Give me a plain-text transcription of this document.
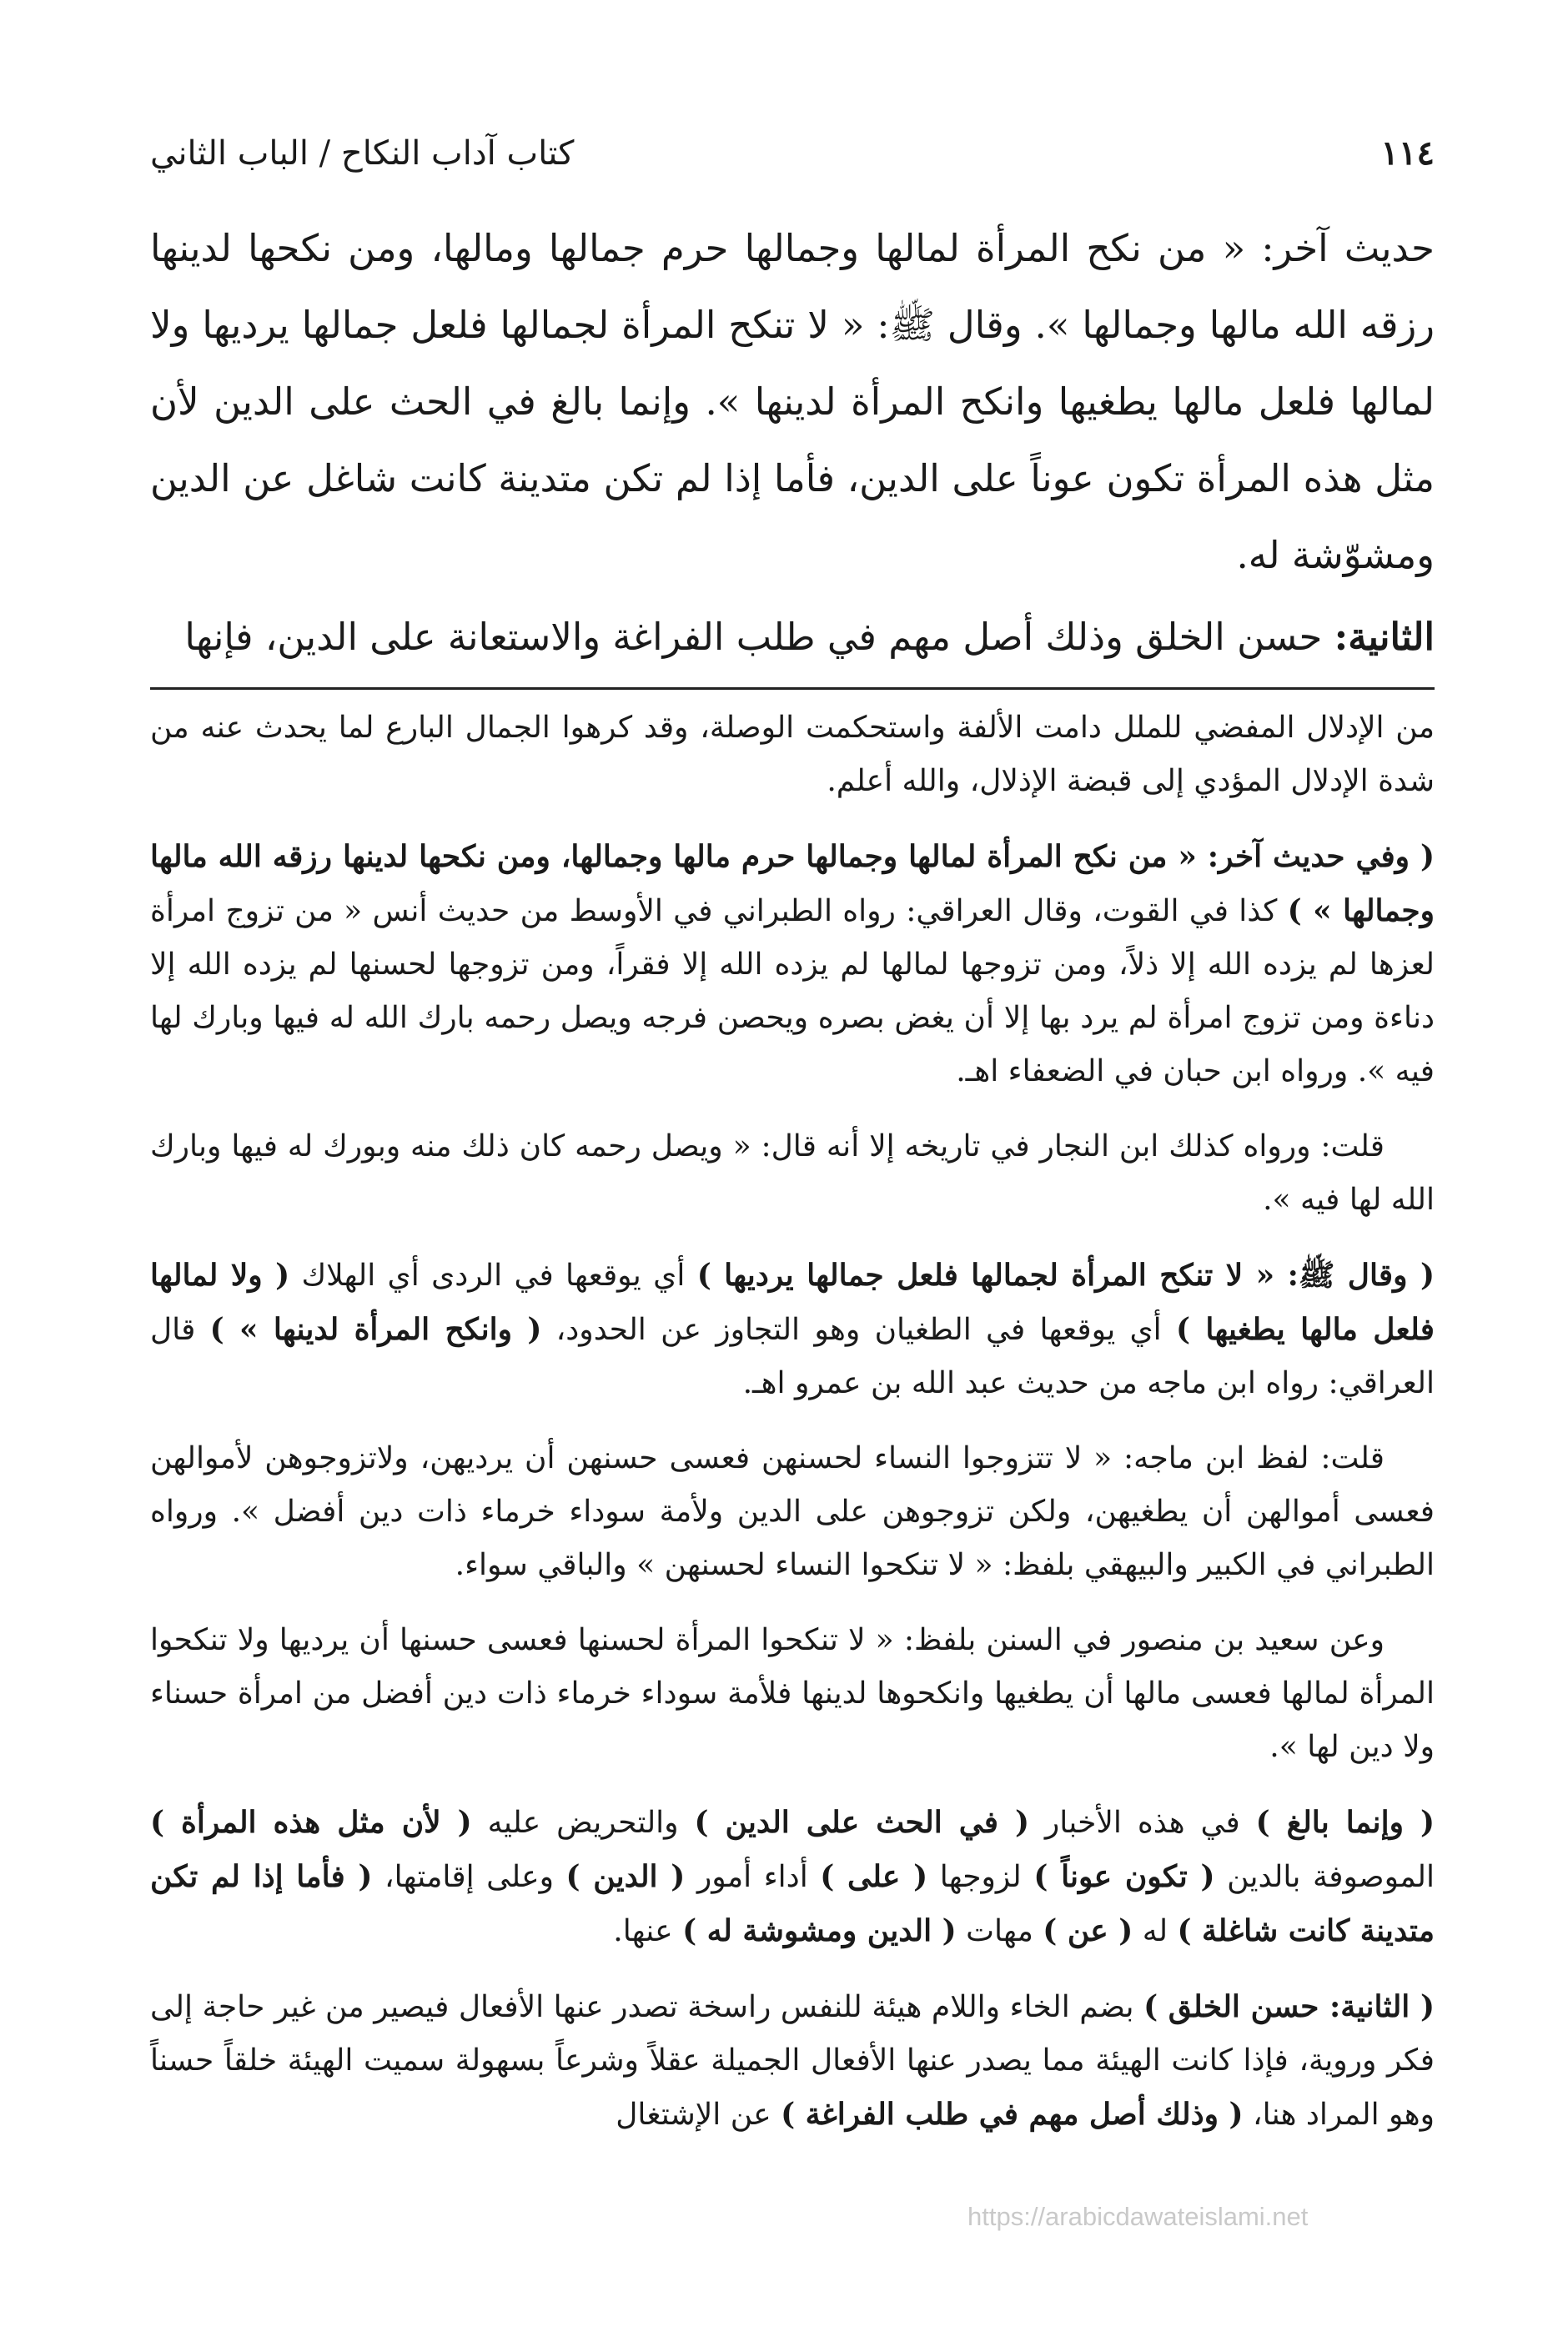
١١٤
كتاب آداب النكاح / الباب الثاني

حديث آخر: « من نكح المرأة لمالها وجمالها حرم جمالها ومالها، ومن نكحها لدينها رزقه الله مالها وجمالها ». وقال ﷺ: « لا تنكح المرأة لجمالها فلعل جمالها يرديها ولا لمالها فلعل مالها يطغيها وانكح المرأة لدينها ». وإنما بالغ في الحث على الدين لأن مثل هذه المرأة تكون عوناً على الدين، فأما إذا لم تكن متدينة كانت شاغل عن الدين ومشوّشة له.

الثانية: حسن الخلق وذلك أصل مهم في طلب الفراغة والاستعانة على الدين، فإنها

من الإدلال المفضي للملل دامت الألفة واستحكمت الوصلة، وقد كرهوا الجمال البارع لما يحدث عنه من شدة الإدلال المؤدي إلى قبضة الإذلال، والله أعلم.

( وفي حديث آخر: « من نكح المرأة لمالها وجمالها حرم مالها وجمالها، ومن نكحها لدينها رزقه الله مالها وجمالها » ) كذا في القوت، وقال العراقي: رواه الطبراني في الأوسط من حديث أنس « من تزوج امرأة لعزها لم يزده الله إلا ذلاً، ومن تزوجها لمالها لم يزده الله إلا فقراً، ومن تزوجها لحسنها لم يزده الله إلا دناءة ومن تزوج امرأة لم يرد بها إلا أن يغض بصره ويحصن فرجه ويصل رحمه بارك الله له فيها وبارك لها فيه ». ورواه ابن حبان في الضعفاء اهـ.

قلت: ورواه كذلك ابن النجار في تاريخه إلا أنه قال: « ويصل رحمه كان ذلك منه وبورك له فيها وبارك الله لها فيه ».

( وقال ﷺ: « لا تنكح المرأة لجمالها فلعل جمالها يرديها ) أي يوقعها في الردى أي الهلاك ( ولا لمالها فلعل مالها يطغيها ) أي يوقعها في الطغيان وهو التجاوز عن الحدود، ( وانكح المرأة لدينها » ) قال العراقي: رواه ابن ماجه من حديث عبد الله بن عمرو اهـ.

قلت: لفظ ابن ماجه: « لا تتزوجوا النساء لحسنهن فعسى حسنهن أن يرديهن، ولاتزوجوهن لأموالهن فعسى أموالهن أن يطغيهن، ولكن تزوجوهن على الدين ولأمة سوداء خرماء ذات دين أفضل ». ورواه الطبراني في الكبير والبيهقي بلفظ: « لا تنكحوا النساء لحسنهن » والباقي سواء.

وعن سعيد بن منصور في السنن بلفظ: « لا تنكحوا المرأة لحسنها فعسى حسنها أن يرديها ولا تنكحوا المرأة لمالها فعسى مالها أن يطغيها وانكحوها لدينها فلأمة سوداء خرماء ذات دين أفضل من امرأة حسناء ولا دين لها ».

( وإنما بالغ ) في هذه الأخبار ( في الحث على الدين ) والتحريض عليه ( لأن مثل هذه المرأة ) الموصوفة بالدين ( تكون عوناً ) لزوجها ( على ) أداء أمور ( الدين ) وعلى إقامتها، ( فأما إذا لم تكن متدينة كانت شاغلة ) له ( عن ) مهات ( الدين ومشوشة له ) عنها.

( الثانية: حسن الخلق ) بضم الخاء واللام هيئة للنفس راسخة تصدر عنها الأفعال فيصير من غير حاجة إلى فكر وروية، فإذا كانت الهيئة مما يصدر عنها الأفعال الجميلة عقلاً وشرعاً بسهولة سميت الهيئة خلقاً حسناً وهو المراد هنا، ( وذلك أصل مهم في طلب الفراغة ) عن الإشتغال

https://arabicdawateislami.net
